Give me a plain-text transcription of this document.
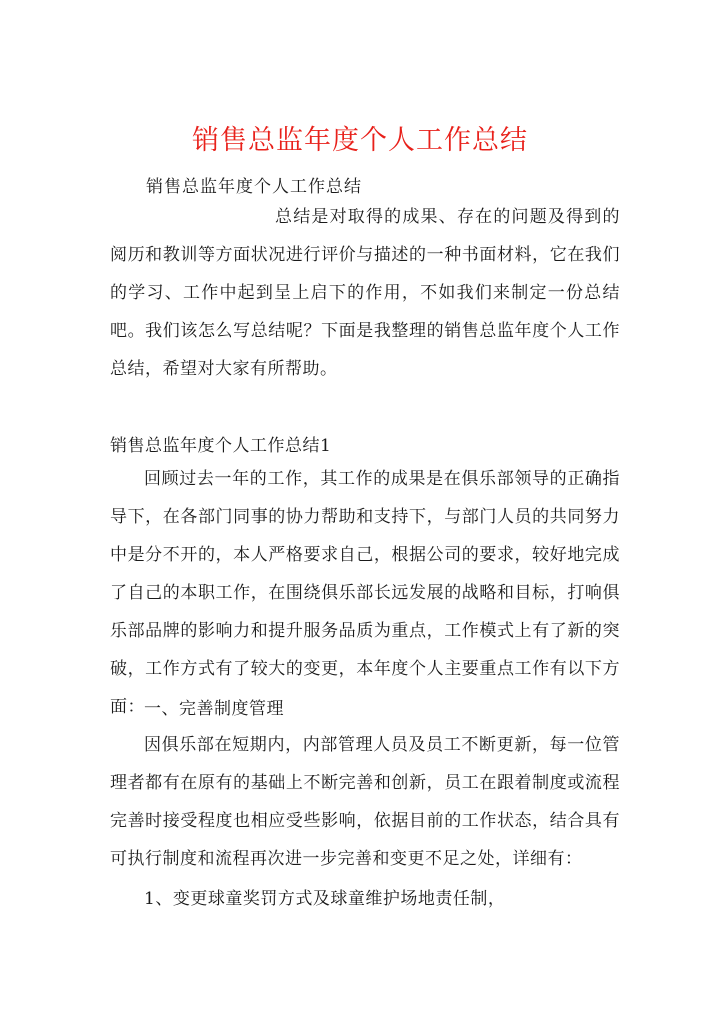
销售总监年度个人工作总结
销售总监年度个人工作总结

总结是对取得的成果、存在的问题及得到的阅历和教训等方面状况进行评价与描述的一种书面材料，它在我们的学习、工作中起到呈上启下的作用，不如我们来制定一份总结吧。我们该怎么写总结呢？下面是我整理的销售总监年度个人工作总结，希望对大家有所帮助。

销售总监年度个人工作总结1

回顾过去一年的工作，其工作的成果是在俱乐部领导的正确指导下，在各部门同事的协力帮助和支持下，与部门人员的共同努力中是分不开的，本人严格要求自己，根据公司的要求，较好地完成了自己的本职工作，在围绕俱乐部长远发展的战略和目标，打响俱乐部品牌的影响力和提升服务品质为重点，工作模式上有了新的突破，工作方式有了较大的变更，本年度个人主要重点工作有以下方面： 一、完善制度管理

因俱乐部在短期内，内部管理人员及员工不断更新，每一位管理者都有在原有的基础上不断完善和创新，员工在跟着制度或流程完善时接受程度也相应受些影响，依据目前的工作状态，结合具有可执行制度和流程再次进一步完善和变更不足之处，详细有：

1、变更球童奖罚方式及球童维护场地责任制，
